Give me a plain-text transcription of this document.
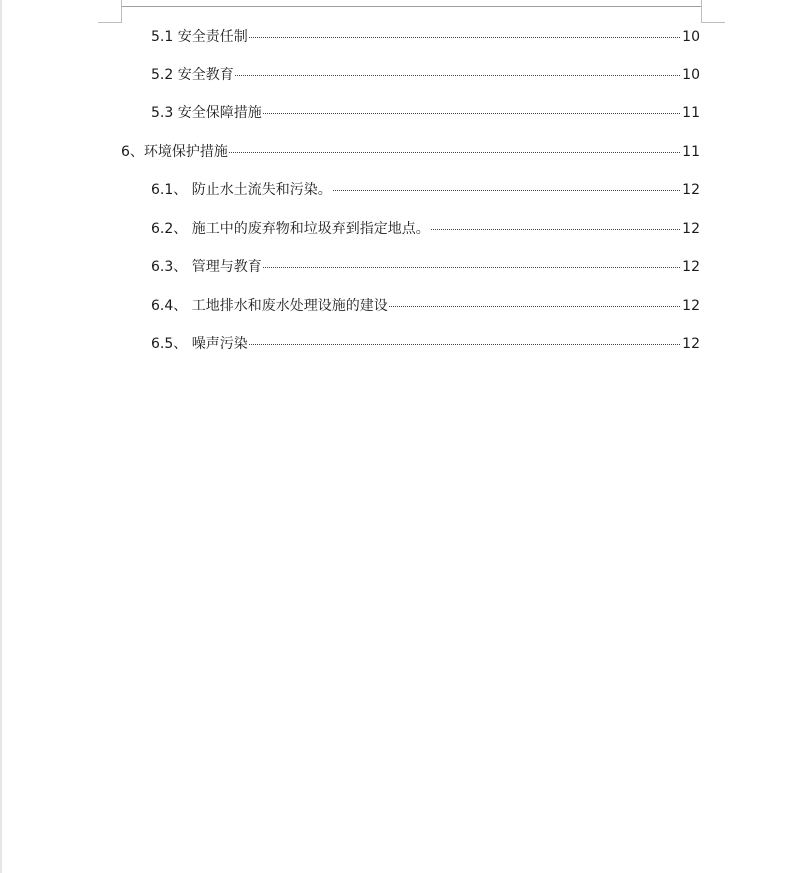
5.1 安全责任制	10
5.2 安全教育	10
5.3 安全保障措施	11
6、环境保护措施	11
6.1、 防止水土流失和污染。	12
6.2、 施工中的废弃物和垃圾弃到指定地点。	12
6.3、 管理与教育	12
6.4、 工地排水和废水处理设施的建设	12
6.5、 噪声污染	12
